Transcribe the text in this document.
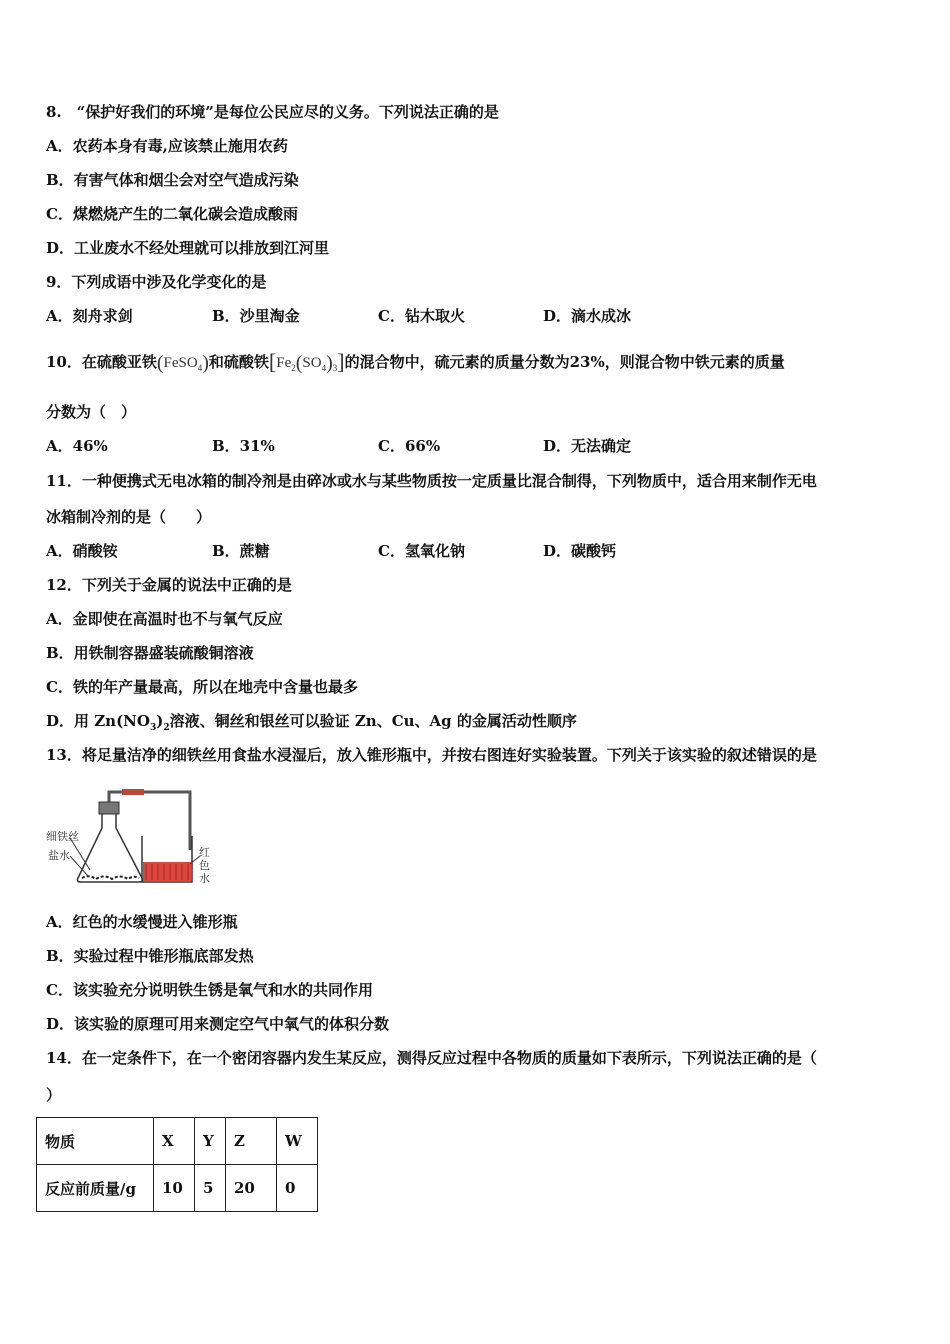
8.　“保护好我们的环境”是每位公民应尽的义务。下列说法正确的是
A．农药本身有毒,应该禁止施用农药
B．有害气体和烟尘会对空气造成污染
C．煤燃烧产生的二氧化碳会造成酸雨
D．工业废水不经处理就可以排放到江河里
9．下列成语中涉及化学变化的是
A．刻舟求剑	B．沙里淘金	C．钻木取火	D．滴水成冰
10．在硫酸亚铁(FeSO$_4$)和硫酸铁$[Fe_2(SO_4)_3]$的混合物中，硫元素的质量分数为23%，则混合物中铁元素的质量
分数为（　）
A．46%	B．31%	C．66%	D．无法确定
11．一种便携式无电冰箱的制冷剂是由碎冰或水与某些物质按一定质量比混合制得，下列物质中，适合用来制作无电
冰箱制冷剂的是（　　）
A．硝酸铵	B．蔗糖	C．氢氧化钠	D．碳酸钙
12．下列关于金属的说法中正确的是
A．金即使在高温时也不与氧气反应
B．用铁制容器盛装硫酸铜溶液
C．铁的年产量最高，所以在地壳中含量也最多
D．用 $Zn(NO_3)_2$溶液、铜丝和银丝可以验证 Zn、Cu、Ag 的金属活动性顺序
13．将足量洁净的细铁丝用食盐水浸湿后，放入锥形瓶中，并按右图连好实验装置。下列关于该实验的叙述错误的是
细铁丝
盐水	红
色
水
A．红色的水缓慢进入锥形瓶
B．实验过程中锥形瓶底部发热
C．该实验充分说明铁生锈是氧气和水的共同作用
D．该实验的原理可用来测定空气中氧气的体积分数
14．在一定条件下，在一个密闭容器内发生某反应，测得反应过程中各物质的质量如下表所示，下列说法正确的是（
）
物质	X	Y	Z	W
反应前质量/g	10	5	20	0
